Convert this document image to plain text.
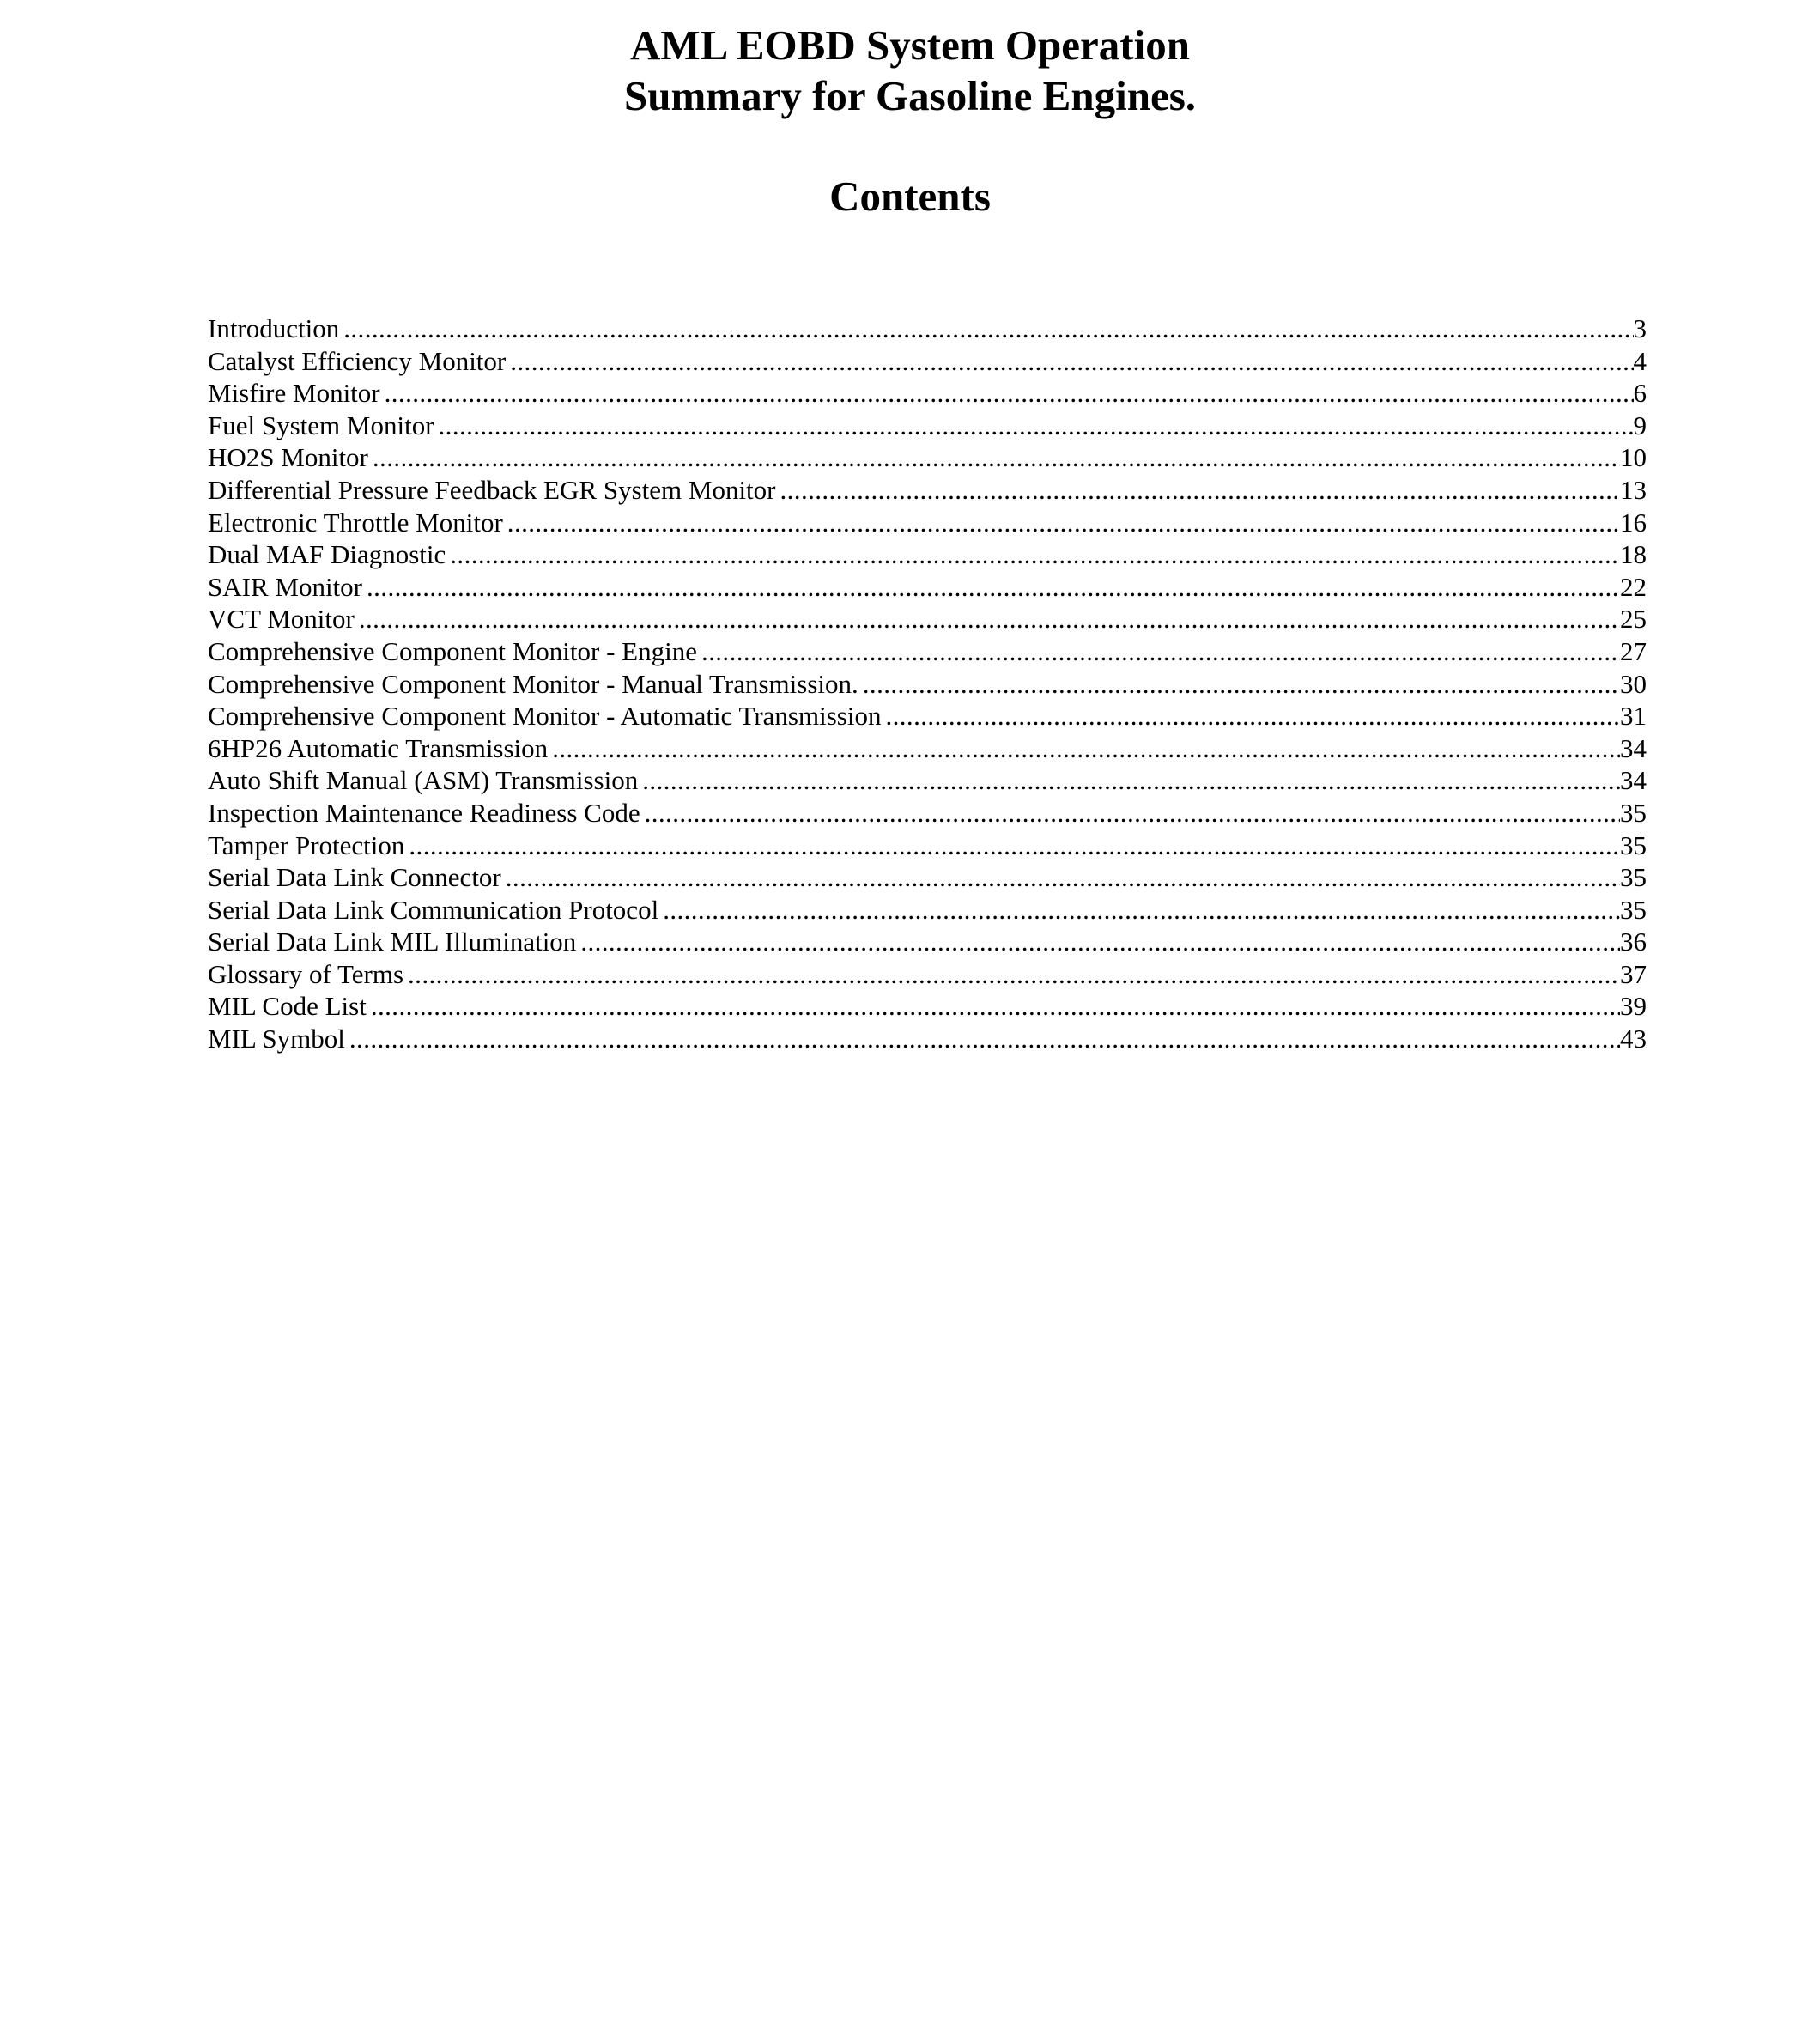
AML EOBD System Operation
Summary for Gasoline Engines.
Contents
Introduction .....	3
Catalyst Efficiency Monitor .....	4
Misfire Monitor .....	6
Fuel System Monitor .....	9
HO2S Monitor .....	10
Differential Pressure Feedback EGR System Monitor .....	13
Electronic Throttle Monitor .....	16
Dual MAF Diagnostic .....	18
SAIR Monitor .....	22
VCT Monitor .....	25
Comprehensive Component Monitor - Engine .....	27
Comprehensive Component Monitor - Manual Transmission. .....	30
Comprehensive Component Monitor - Automatic Transmission .....	31
6HP26 Automatic Transmission .....	34
Auto Shift Manual (ASM) Transmission .....	34
Inspection Maintenance Readiness Code .....	35
Tamper Protection .....	35
Serial Data Link Connector .....	35
Serial Data Link Communication Protocol .....	35
Serial Data Link MIL Illumination .....	36
Glossary of Terms .....	37
MIL Code List .....	39
MIL Symbol .....	43
